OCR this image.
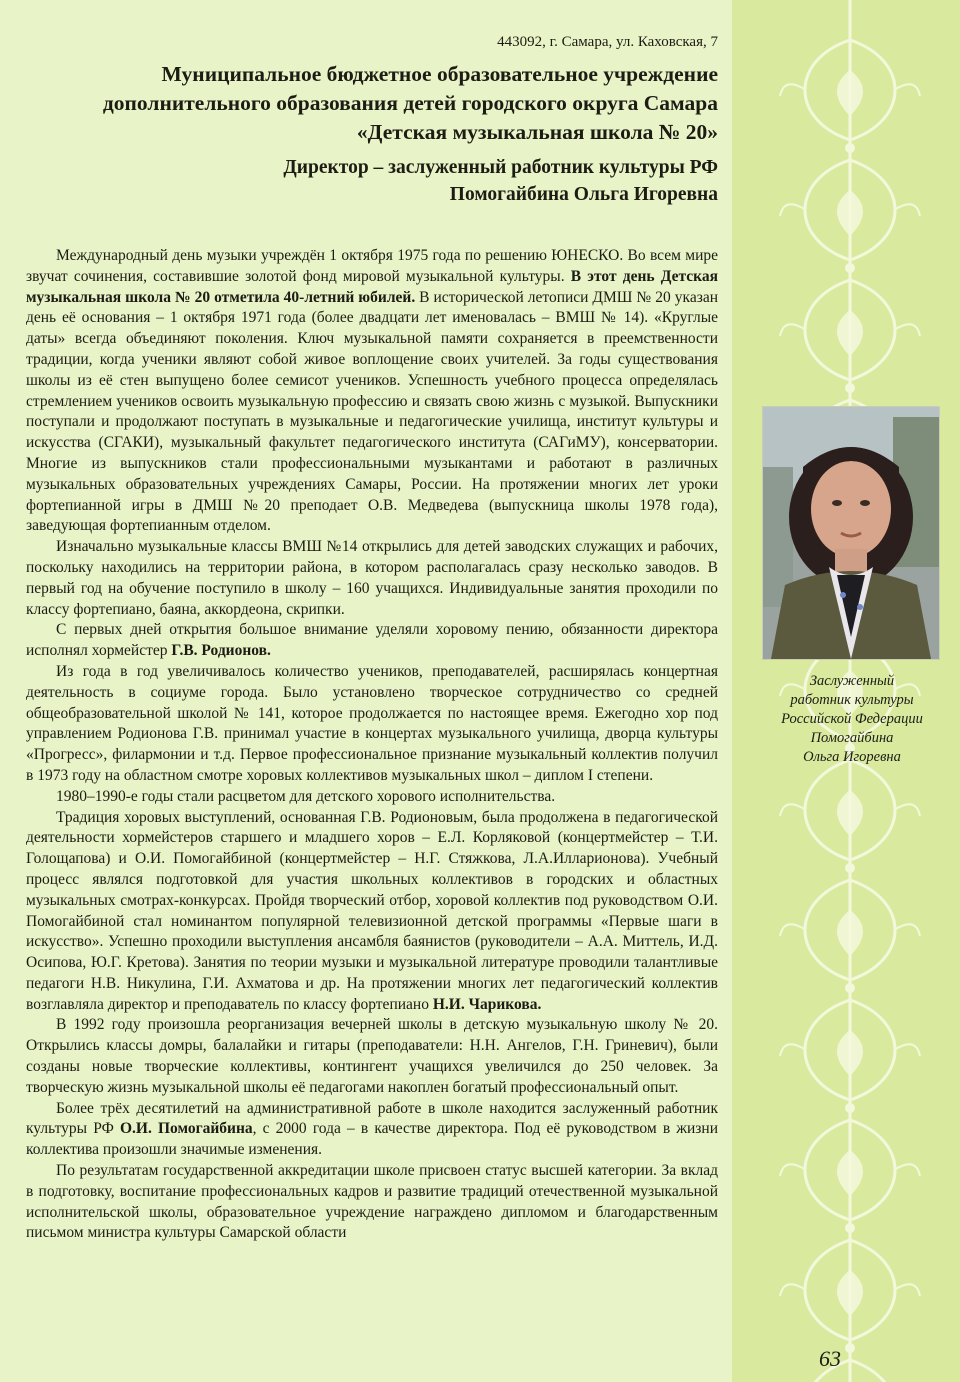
443092, г. Самара, ул. Каховская, 7
Муниципальное бюджетное образовательное учреждение
дополнительного образования детей городского округа Самара
«Детская музыкальная школа № 20»
Директор – заслуженный работник культуры РФ
Помогайбина Ольга Игоревна

Международный день музыки учреждён 1 октября 1975 года по решению ЮНЕСКО. Во всем мире звучат сочинения, составившие золотой фонд мировой музыкальной культуры. В этот день Детская музыкальная школа № 20 отметила 40-летний юбилей. В исторической летописи ДМШ № 20 указан день её основания – 1 октября 1971 года (более двадцати лет именовалась – ВМШ № 14). «Круглые даты» всегда объединяют поколения. Ключ музыкальной памяти сохраняется в преемственности традиции, когда ученики являют собой живое воплощение своих учителей. За годы существования школы из её стен выпущено более семисот учеников. Успешность учебного процесса определялась стремлением учеников освоить музыкальную профессию и связать свою жизнь с музыкой. Выпускники поступали и продолжают поступать в музыкальные и педагогические училища, институт культуры и искусства (СГАКИ), музыкальный факультет педагогического института (САГиМУ), консерватории. Многие из выпускников стали профессиональными музыкантами и работают в различных музыкальных образовательных учреждениях Самары, России. На протяжении многих лет уроки фортепианной игры в ДМШ №20 преподает О.В. Медведева (выпускница школы 1978 года), заведующая фортепианным отделом.

Изначально музыкальные классы ВМШ №14 открылись для детей заводских служащих и рабочих, поскольку находились на территории района, в котором располагалась сразу несколько заводов. В первый год на обучение поступило в школу – 160 учащихся. Индивидуальные занятия проходили по классу фортепиано, баяна, аккордеона, скрипки.

С первых дней открытия большое внимание уделяли хоровому пению, обязанности директора исполнял хормейстер Г.В. Родионов.

Из года в год увеличивалось количество учеников, преподавателей, расширялась концертная деятельность в социуме города. Было установлено творческое сотрудничество со средней общеобразовательной школой № 141, которое продолжается по настоящее время. Ежегодно хор под управлением Родионова Г.В. принимал участие в концертах музыкального училища, дворца культуры «Прогресс», филармонии и т.д. Первое профессиональное признание музыкальный коллектив получил в 1973 году на областном смотре хоровых коллективов музыкальных школ – диплом I степени.

1980–1990-е годы стали расцветом для детского хорового исполнительства.

Традиция хоровых выступлений, основанная Г.В. Родионовым, была продолжена в педагогической деятельности хормейстеров старшего и младшего хоров – Е.Л. Корляковой (концертмейстер – Т.И. Голощапова) и О.И. Помогайбиной (концертмейстер – Н.Г. Стяжкова, Л.А.Илларионова). Учебный процесс являлся подготовкой для участия школьных коллективов в городских и областных музыкальных смотрах-конкурсах. Пройдя творческий отбор, хоровой коллектив под руководством О.И. Помогайбиной стал номинантом популярной телевизионной детской программы «Первые шаги в искусство». Успешно проходили выступления ансамбля баянистов (руководители – А.А. Миттель, И.Д. Осипова, Ю.Г. Кретова). Занятия по теории музыки и музыкальной литературе проводили талантливые педагоги Н.В. Никулина, Г.И. Ахматова и др. На протяжении многих лет педагогический коллектив возглавляла директор и преподаватель по классу фортепиано Н.И. Чарикова.

В 1992 году произошла реорганизация вечерней школы в детскую музыкальную школу № 20. Открылись классы домры, балалайки и гитары (преподаватели: Н.Н. Ангелов, Г.Н. Гриневич), были созданы новые творческие коллективы, контингент учащихся увеличился до 250 человек. За творческую жизнь музыкальной школы её педагогами накоплен богатый профессиональный опыт.

Более трёх десятилетий на административной работе в школе находится заслуженный работник культуры РФ О.И. Помогайбина, с 2000 года – в качестве директора. Под её руководством в жизни коллектива произошли значимые изменения.

По результатам государственной аккредитации школе присвоен статус высшей категории. За вклад в подготовку, воспитание профессиональных кадров и развитие традиций отечественной музыкальной исполнительской школы, образовательное учреждение награждено дипломом и благодарственным письмом министра культуры Самарской области

Заслуженный
работник культуры
Российской Федерации
Помогайбина
Ольга Игоревна
63
